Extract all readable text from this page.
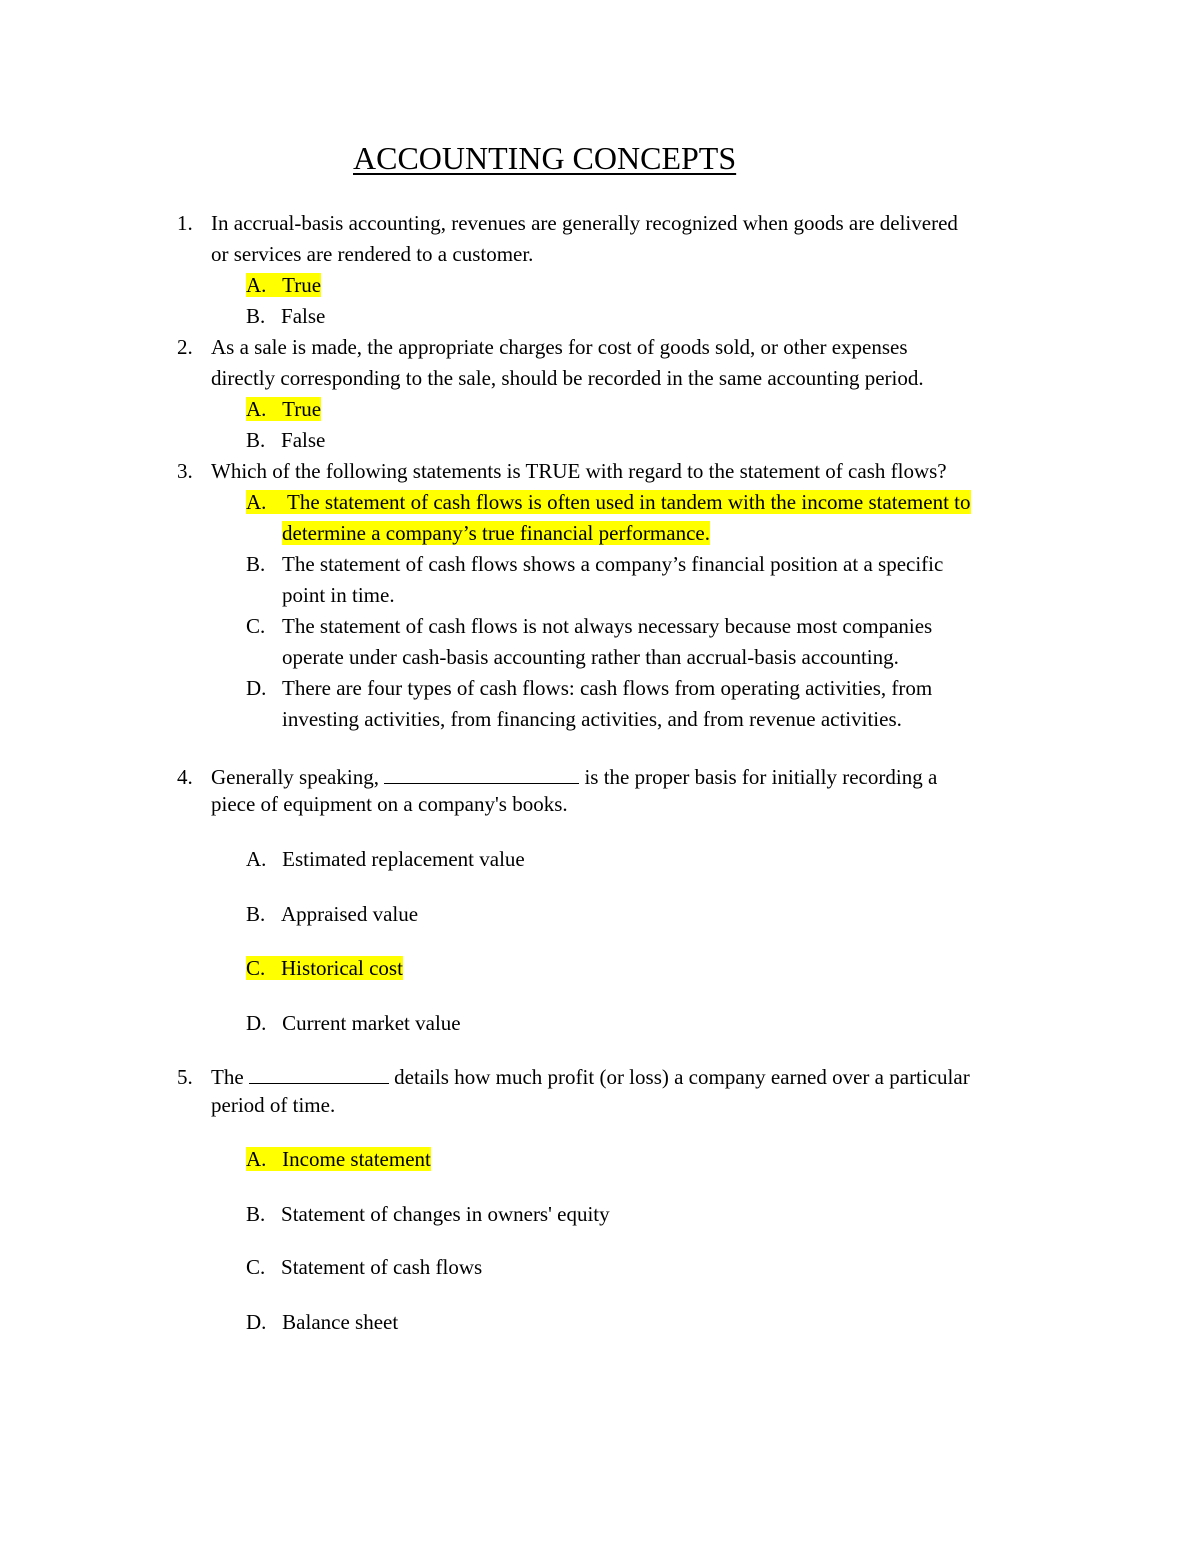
ACCOUNTING CONCEPTS
1. In accrual-basis accounting, revenues are generally recognized when goods are delivered
or services are rendered to a customer.
A. True
B. False
2. As a sale is made, the appropriate charges for cost of goods sold, or other expenses
directly corresponding to the sale, should be recorded in the same accounting period.
A. True
B. False
3. Which of the following statements is TRUE with regard to the statement of cash flows?
A. The statement of cash flows is often used in tandem with the income statement to
determine a company’s true financial performance.
B. The statement of cash flows shows a company’s financial position at a specific
point in time.
C. The statement of cash flows is not always necessary because most companies
operate under cash-basis accounting rather than accrual-basis accounting.
D. There are four types of cash flows: cash flows from operating activities, from
investing activities, from financing activities, and from revenue activities.
4. Generally speaking,	is the proper basis for initially recording a
piece of equipment on a company's books.
A. Estimated replacement value
B. Appraised value
C. Historical cost
D. Current market value
5. The	details how much profit (or loss) a company earned over a particular
period of time.
A. Income statement
B. Statement of changes in owners' equity
C. Statement of cash flows
D. Balance sheet
